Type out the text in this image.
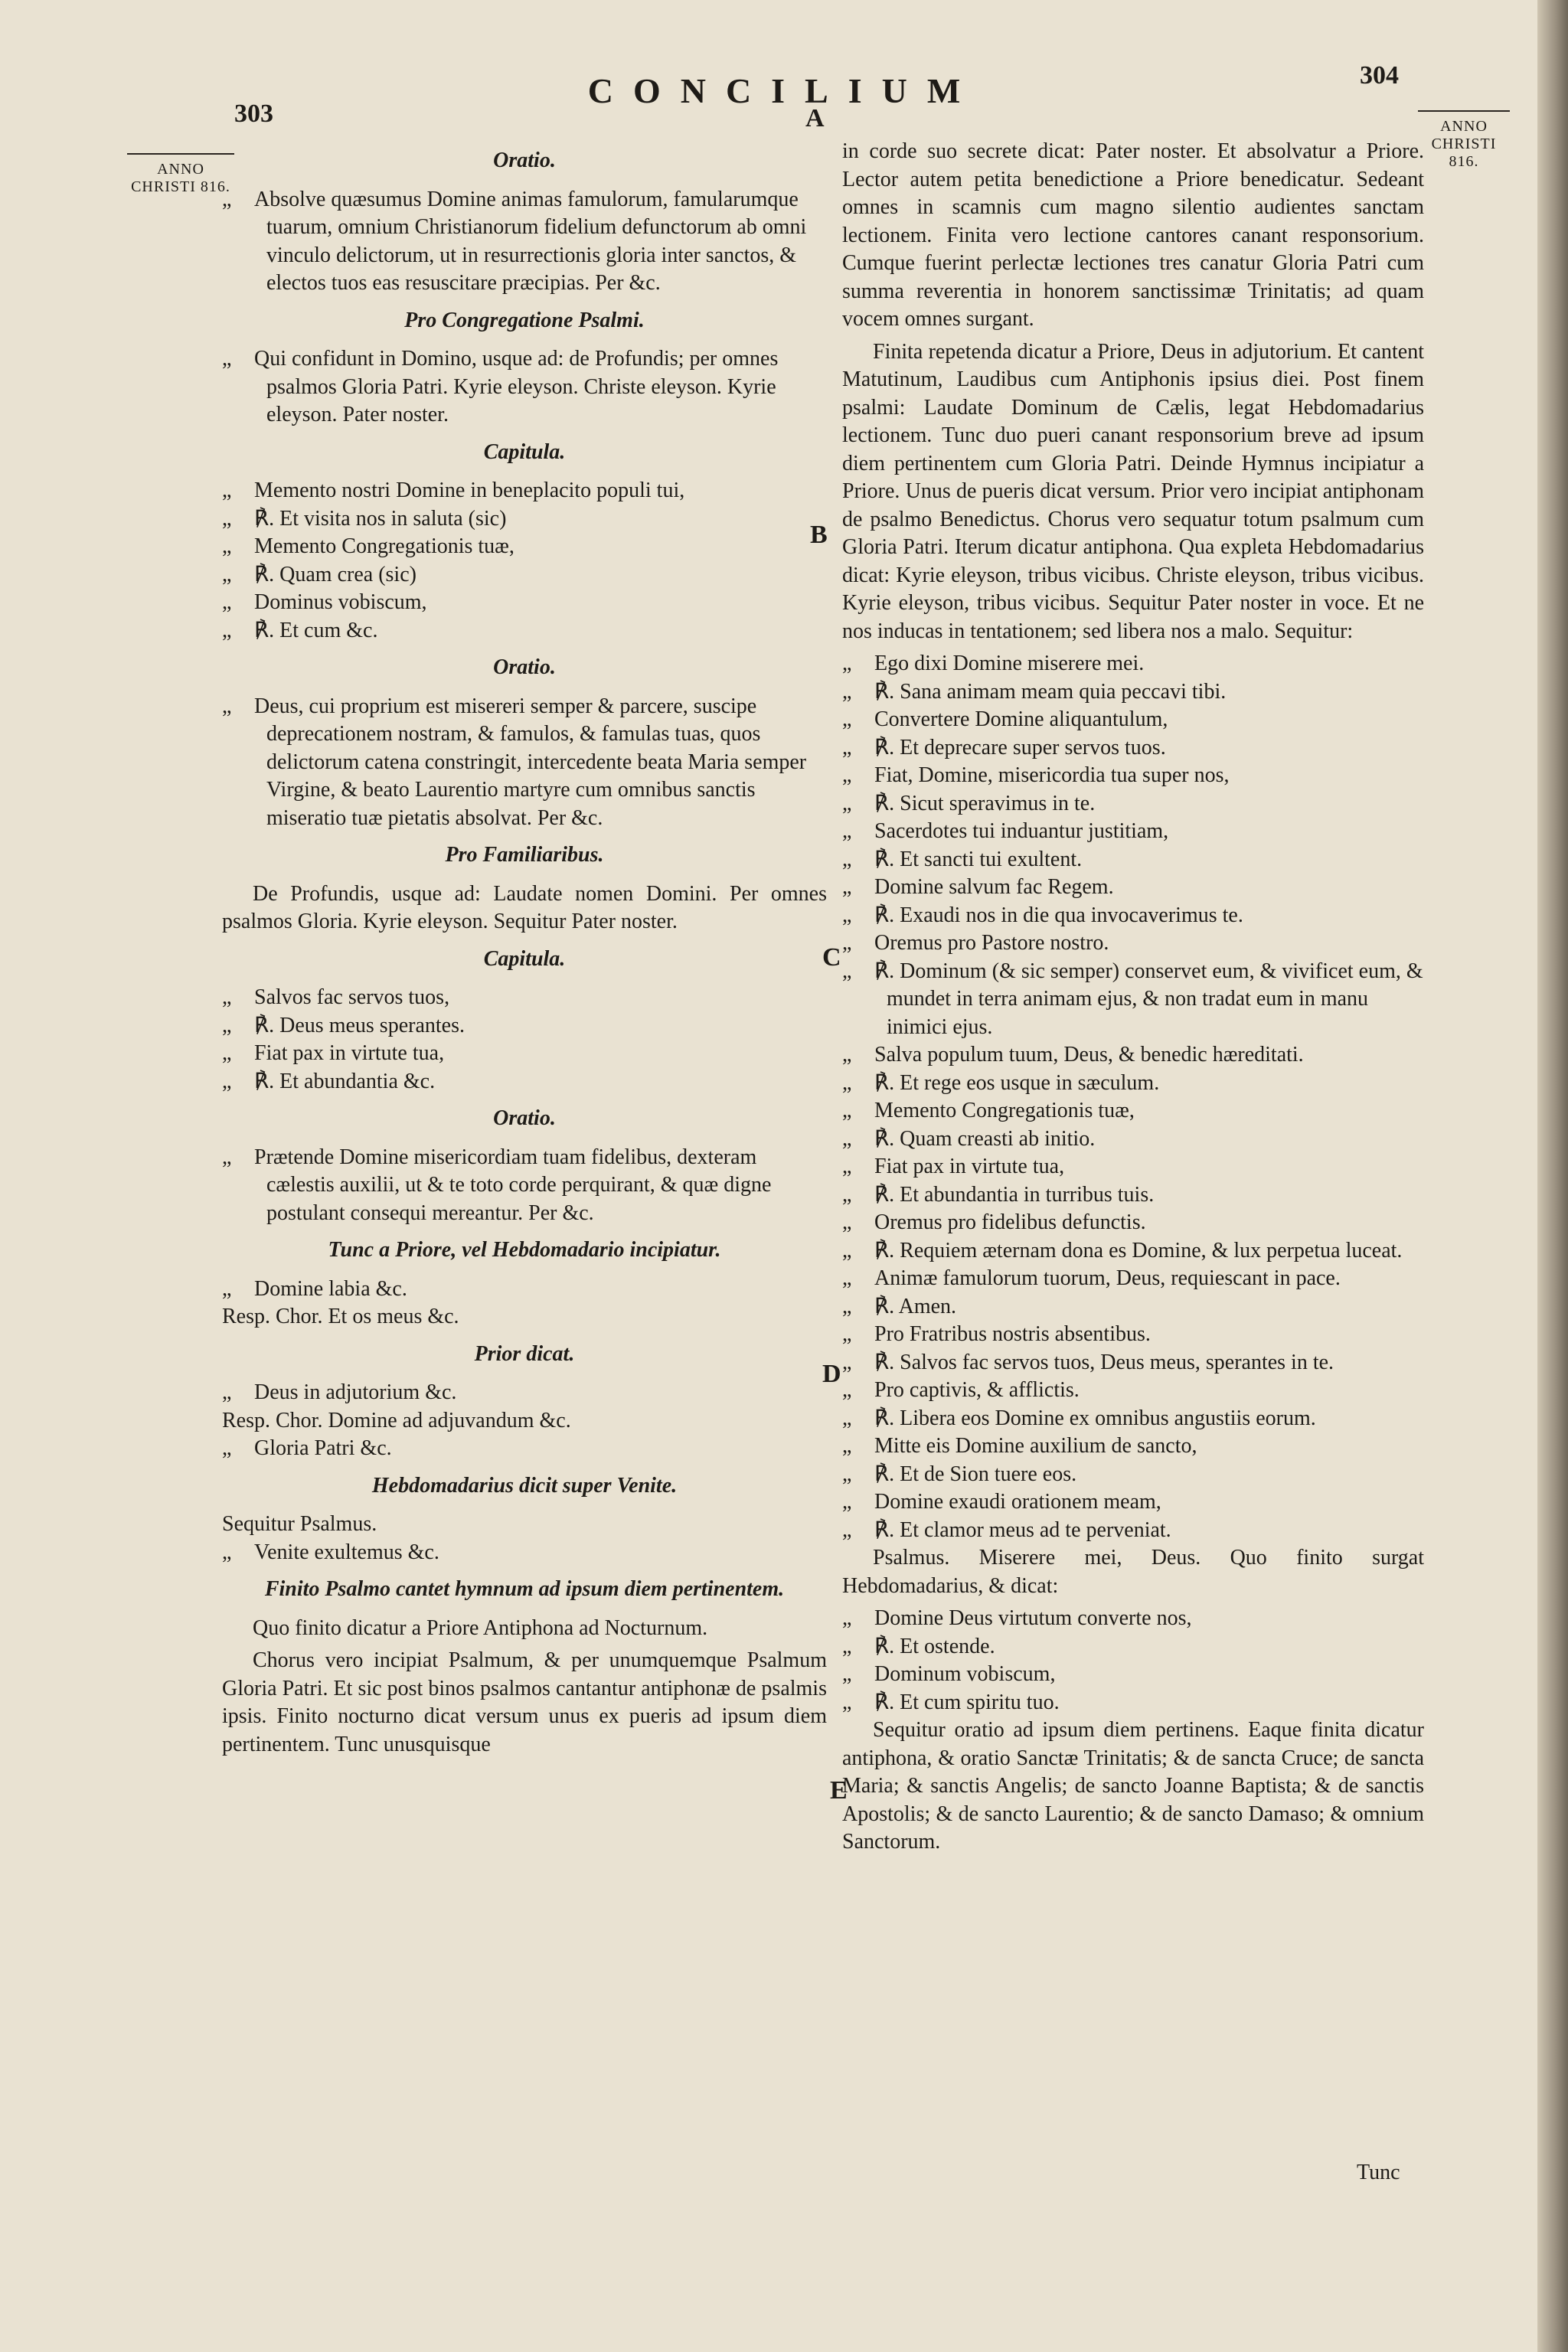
CONCILIUM
303
304
ANNO CHRISTI 816.
ANNO CHRISTI 816.
A
B
C
D
E
Oratio.

„ Absolve quæsumus Domine animas famulorum, famularumque tuarum, omnium Christianorum fidelium defunctorum ab omni vinculo delictorum, ut in resurrectionis gloria inter sanctos, & electos tuos eas resuscitare præcipias. Per &c.

Pro Congregatione Psalmi.

„ Qui confidunt in Domino, usque ad: de Profundis; per omnes psalmos Gloria Patri. Kyrie eleyson. Christe eleyson. Kyrie eleyson. Pater noster.

Capitula.

„ Memento nostri Domine in beneplacito populi tui,

„ ℟. Et visita nos in saluta (sic)

„ Memento Congregationis tuæ,

„ ℟. Quam crea (sic)

„ Dominus vobiscum,

„ ℟. Et cum &c.

Oratio.

„ Deus, cui proprium est misereri semper & parcere, suscipe deprecationem nostram, & famulos, & famulas tuas, quos delictorum catena constringit, intercedente beata Maria semper Virgine, & beato Laurentio martyre cum omnibus sanctis miseratio tuæ pietatis absolvat. Per &c.

Pro Familiaribus.

De Profundis, usque ad: Laudate nomen Domini. Per omnes psalmos Gloria. Kyrie eleyson. Sequitur Pater noster.

Capitula.

„ Salvos fac servos tuos,

„ ℟. Deus meus sperantes.

„ Fiat pax in virtute tua,

„ ℟. Et abundantia &c.

Oratio.

„ Prætende Domine misericordiam tuam fidelibus, dexteram cælestis auxilii, ut & te toto corde perquirant, & quæ digne postulant consequi mereantur. Per &c.

Tunc a Priore, vel Hebdomadario incipiatur.

„ Domine labia &c.

Resp. Chor. Et os meus &c.

Prior dicat.

„ Deus in adjutorium &c.

Resp. Chor. Domine ad adjuvandum &c.

„ Gloria Patri &c.

Hebdomadarius dicit super Venite.

Sequitur Psalmus.

„ Venite exultemus &c.

Finito Psalmo cantet hymnum ad ipsum diem pertinentem.

Quo finito dicatur a Priore Antiphona ad Nocturnum.

Chorus vero incipiat Psalmum, & per unumquemque Psalmum Gloria Patri. Et sic post binos psalmos cantantur antiphonæ de psalmis ipsis. Finito nocturno dicat versum unus ex pueris ad ipsum diem pertinentem. Tunc unusquisque

in corde suo secrete dicat: Pater noster. Et absolvatur a Priore. Lector autem petita benedictione a Priore benedicatur. Sedeant omnes in scamnis cum magno silentio audientes sanctam lectionem. Finita vero lectione cantores canant responsorium. Cumque fuerint perlectæ lectiones tres canatur Gloria Patri cum summa reverentia in honorem sanctissimæ Trinitatis; ad quam vocem omnes surgant.

Finita repetenda dicatur a Priore, Deus in adjutorium. Et cantent Matutinum, Laudibus cum Antiphonis ipsius diei. Post finem psalmi: Laudate Dominum de Cælis, legat Hebdomadarius lectionem. Tunc duo pueri canant responsorium breve ad ipsum diem pertinentem cum Gloria Patri. Deinde Hymnus incipiatur a Priore. Unus de pueris dicat versum. Prior vero incipiat antiphonam de psalmo Benedictus. Chorus vero sequatur totum psalmum cum Gloria Patri. Iterum dicatur antiphona. Qua expleta Hebdomadarius dicat: Kyrie eleyson, tribus vicibus. Christe eleyson, tribus vicibus. Kyrie eleyson, tribus vicibus. Sequitur Pater noster in voce. Et ne nos inducas in tentationem; sed libera nos a malo. Sequitur:

„ Ego dixi Domine miserere mei.

„ ℟. Sana animam meam quia peccavi tibi.

„ Convertere Domine aliquantulum,

„ ℟. Et deprecare super servos tuos.

„ Fiat, Domine, misericordia tua super nos,

„ ℟. Sicut speravimus in te.

„ Sacerdotes tui induantur justitiam,

„ ℟. Et sancti tui exultent.

„ Domine salvum fac Regem.

„ ℟. Exaudi nos in die qua invocaverimus te.

„ Oremus pro Pastore nostro.

„ ℟. Dominum (& sic semper) conservet eum, & vivificet eum, & mundet in terra animam ejus, & non tradat eum in manu inimici ejus.

„ Salva populum tuum, Deus, & benedic hæreditati.

„ ℟. Et rege eos usque in sæculum.

„ Memento Congregationis tuæ,

„ ℟. Quam creasti ab initio.

„ Fiat pax in virtute tua,

„ ℟. Et abundantia in turribus tuis.

„ Oremus pro fidelibus defunctis.

„ ℟. Requiem æternam dona es Domine, & lux perpetua luceat.

„ Animæ famulorum tuorum, Deus, requiescant in pace.

„ ℟. Amen.

„ Pro Fratribus nostris absentibus.

„ ℟. Salvos fac servos tuos, Deus meus, sperantes in te.

„ Pro captivis, & afflictis.

„ ℟. Libera eos Domine ex omnibus angustiis eorum.

„ Mitte eis Domine auxilium de sancto,

„ ℟. Et de Sion tuere eos.

„ Domine exaudi orationem meam,

„ ℟. Et clamor meus ad te perveniat.

Psalmus. Miserere mei, Deus. Quo finito surgat Hebdomadarius, & dicat:

„ Domine Deus virtutum converte nos,

„ ℟. Et ostende.

„ Dominum vobiscum,

„ ℟. Et cum spiritu tuo.

Sequitur oratio ad ipsum diem pertinens. Eaque finita dicatur antiphona, & oratio Sanctæ Trinitatis; & de sancta Cruce; de sancta Maria; & sanctis Angelis; de sancto Joanne Baptista; & de sanctis Apostolis; & de sancto Laurentio; & de sancto Damaso; & omnium Sanctorum.

Tunc
